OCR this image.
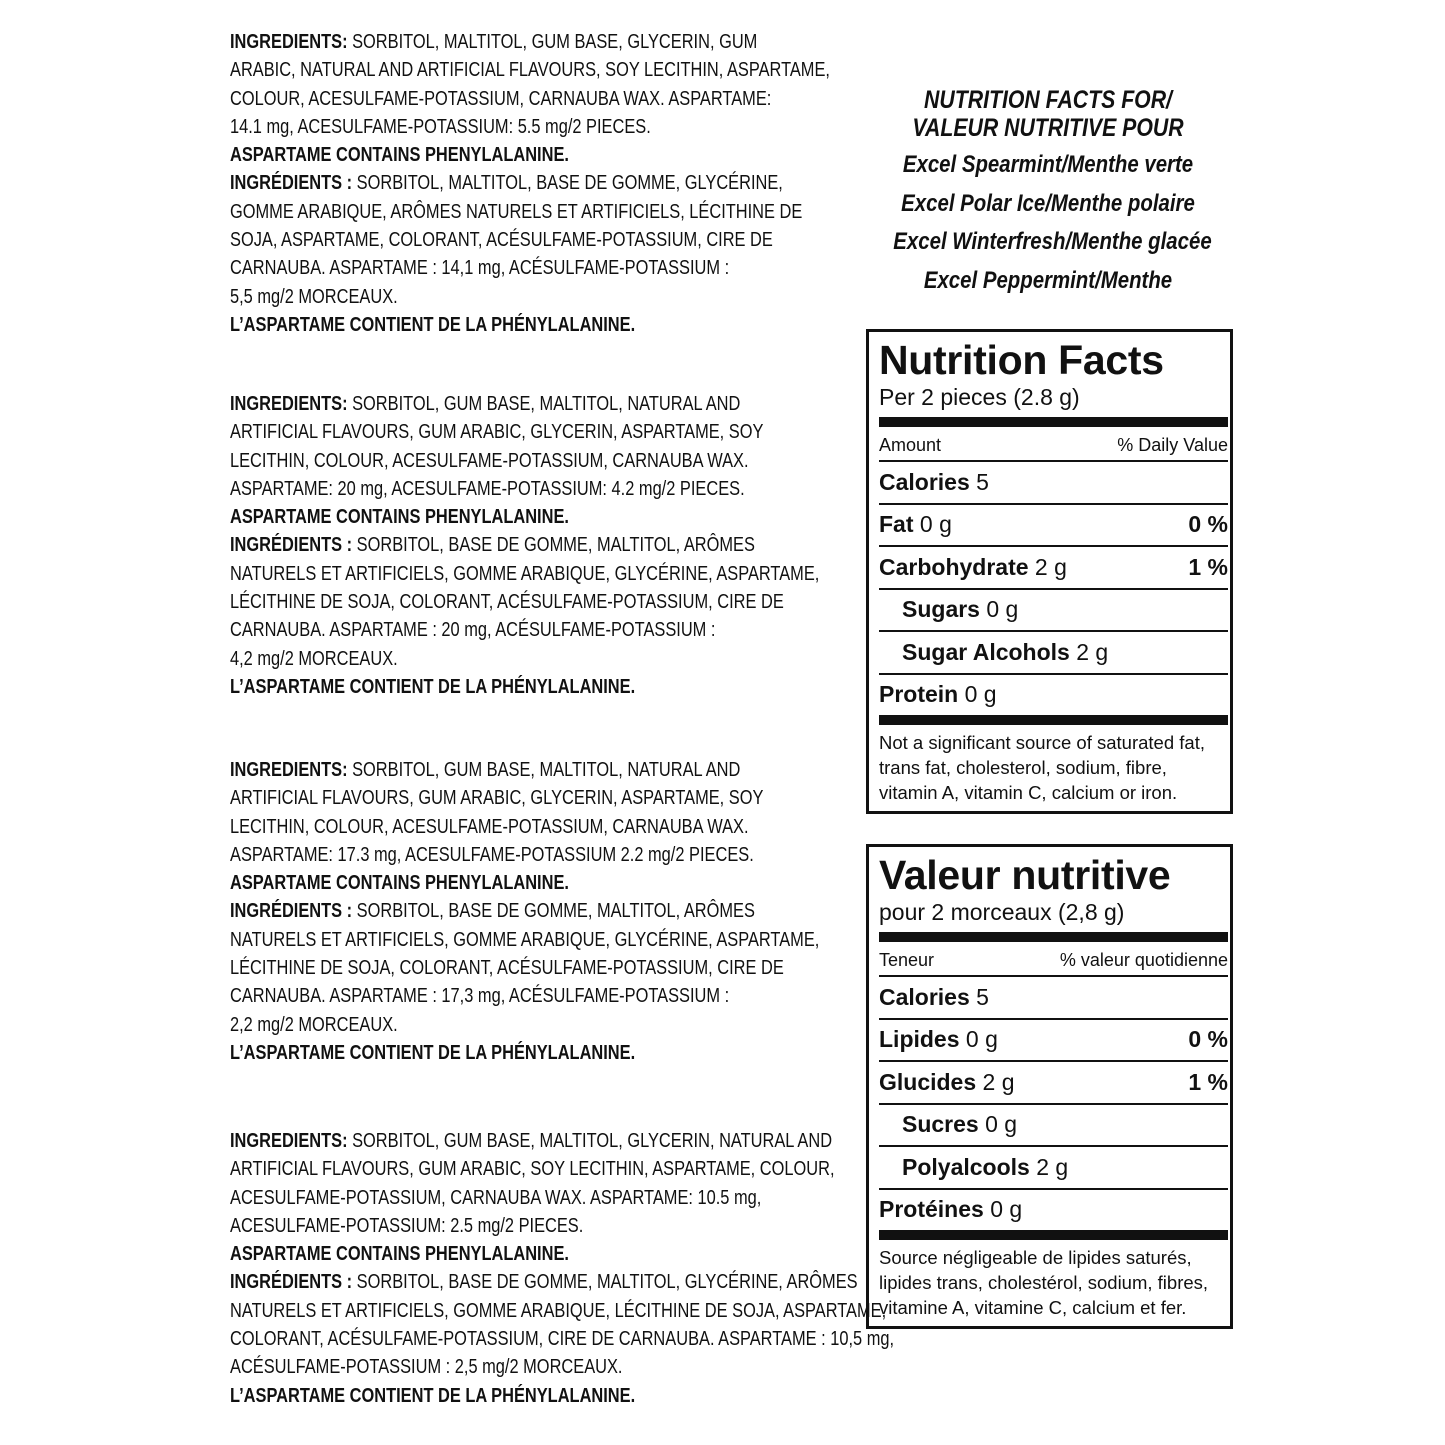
INGREDIENTS: SORBITOL, MALTITOL, GUM BASE, GLYCERIN, GUM
ARABIC, NATURAL AND ARTIFICIAL FLAVOURS, SOY LECITHIN, ASPARTAME,
COLOUR, ACESULFAME-POTASSIUM, CARNAUBA WAX. ASPARTAME:
14.1 mg, ACESULFAME-POTASSIUM: 5.5 mg/2 PIECES.
ASPARTAME CONTAINS PHENYLALANINE.
INGRÉDIENTS : SORBITOL, MALTITOL, BASE DE GOMME, GLYCÉRINE,
GOMME ARABIQUE, ARÔMES NATURELS ET ARTIFICIELS, LÉCITHINE DE
SOJA, ASPARTAME, COLORANT, ACÉSULFAME-POTASSIUM, CIRE DE
CARNAUBA. ASPARTAME : 14,1 mg, ACÉSULFAME-POTASSIUM :
5,5 mg/2 MORCEAUX.
L’ASPARTAME CONTIENT DE LA PHÉNYLALANINE.
INGREDIENTS: SORBITOL, GUM BASE, MALTITOL, NATURAL AND
ARTIFICIAL FLAVOURS, GUM ARABIC, GLYCERIN, ASPARTAME, SOY
LECITHIN, COLOUR, ACESULFAME-POTASSIUM, CARNAUBA WAX.
ASPARTAME: 20 mg, ACESULFAME-POTASSIUM: 4.2 mg/2 PIECES.
ASPARTAME CONTAINS PHENYLALANINE.
INGRÉDIENTS : SORBITOL, BASE DE GOMME, MALTITOL, ARÔMES
NATURELS ET ARTIFICIELS, GOMME ARABIQUE, GLYCÉRINE, ASPARTAME,
LÉCITHINE DE SOJA, COLORANT, ACÉSULFAME-POTASSIUM, CIRE DE
CARNAUBA. ASPARTAME : 20 mg, ACÉSULFAME-POTASSIUM :
4,2 mg/2 MORCEAUX.
L’ASPARTAME CONTIENT DE LA PHÉNYLALANINE.
INGREDIENTS: SORBITOL, GUM BASE, MALTITOL, NATURAL AND
ARTIFICIAL FLAVOURS, GUM ARABIC, GLYCERIN, ASPARTAME, SOY
LECITHIN, COLOUR, ACESULFAME-POTASSIUM, CARNAUBA WAX.
ASPARTAME: 17.3 mg, ACESULFAME-POTASSIUM 2.2 mg/2 PIECES.
ASPARTAME CONTAINS PHENYLALANINE.
INGRÉDIENTS : SORBITOL, BASE DE GOMME, MALTITOL, ARÔMES
NATURELS ET ARTIFICIELS, GOMME ARABIQUE, GLYCÉRINE, ASPARTAME,
LÉCITHINE DE SOJA, COLORANT, ACÉSULFAME-POTASSIUM, CIRE DE
CARNAUBA. ASPARTAME : 17,3 mg, ACÉSULFAME-POTASSIUM :
2,2 mg/2 MORCEAUX.
L’ASPARTAME CONTIENT DE LA PHÉNYLALANINE.
INGREDIENTS: SORBITOL, GUM BASE, MALTITOL, GLYCERIN, NATURAL AND
ARTIFICIAL FLAVOURS, GUM ARABIC, SOY LECITHIN, ASPARTAME, COLOUR,
ACESULFAME-POTASSIUM, CARNAUBA WAX. ASPARTAME: 10.5 mg,
ACESULFAME-POTASSIUM: 2.5 mg/2 PIECES.
ASPARTAME CONTAINS PHENYLALANINE.
INGRÉDIENTS : SORBITOL, BASE DE GOMME, MALTITOL, GLYCÉRINE, ARÔMES
NATURELS ET ARTIFICIELS, GOMME ARABIQUE, LÉCITHINE DE SOJA, ASPARTAME,
COLORANT, ACÉSULFAME-POTASSIUM, CIRE DE CARNAUBA. ASPARTAME : 10,5 mg,
ACÉSULFAME-POTASSIUM : 2,5 mg/2 MORCEAUX.
L’ASPARTAME CONTIENT DE LA PHÉNYLALANINE.
NUTRITION FACTS FOR/
VALEUR NUTRITIVE POUR
Excel Spearmint/Menthe verte
Excel Polar Ice/Menthe polaire
Excel Winterfresh/Menthe glacée
Excel Peppermint/Menthe
Nutrition Facts
Per 2 pieces (2.8 g)
Amount	% Daily Value
Calories 5
Fat 0 g	0 %
Carbohydrate 2 g	1 %
Sugars 0 g
Sugar Alcohols 2 g
Protein 0 g
Not a significant source of saturated fat, trans fat, cholesterol, sodium, fibre, vitamin A, vitamin C, calcium or iron.
Valeur nutritive
pour 2 morceaux (2,8 g)
Teneur	% valeur quotidienne
Calories 5
Lipides 0 g	0 %
Glucides 2 g	1 %
Sucres 0 g
Polyalcools 2 g
Protéines 0 g
Source négligeable de lipides saturés, lipides trans, cholestérol, sodium, fibres, vitamine A, vitamine C, calcium et fer.
